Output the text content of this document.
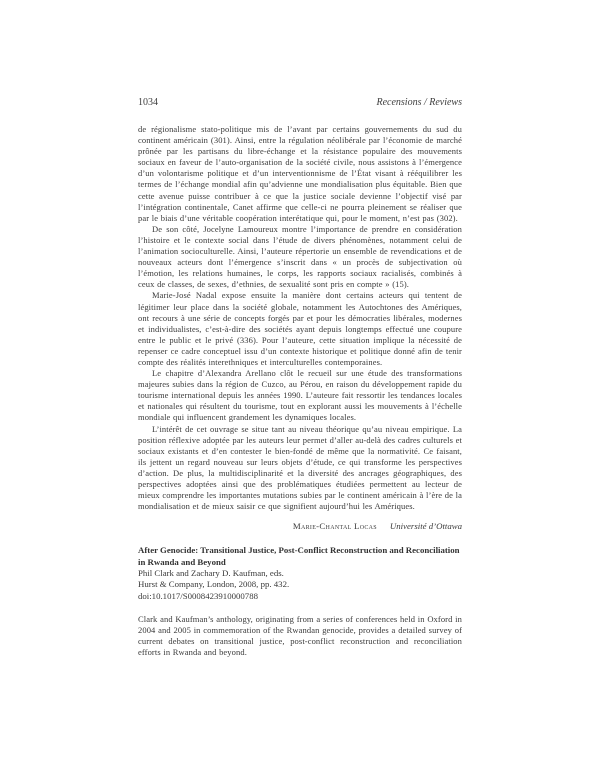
1034	Recensions / Reviews

de régionalisme stato-politique mis de l’avant par certains gouvernements du sud du continent américain (301). Ainsi, entre la régulation néolibérale par l’économie de marché prônée par les partisans du libre-échange et la résistance populaire des mouvements sociaux en faveur de l’auto-organisation de la société civile, nous assistons à l’émergence d’un volontarisme politique et d’un interventionnisme de l’État visant à rééquilibrer les termes de l’échange mondial afin qu’advienne une mondialisation plus équitable. Bien que cette avenue puisse contribuer à ce que la justice sociale devienne l’objectif visé par l’intégration continentale, Canet affirme que celle-ci ne pourra pleinement se réaliser que par le biais d’une véritable coopération interétatique qui, pour le moment, n’est pas (302).

De son côté, Jocelyne Lamoureux montre l’importance de prendre en considération l’histoire et le contexte social dans l’étude de divers phénomènes, notamment celui de l’animation socioculturelle. Ainsi, l’auteure répertorie un ensemble de revendications et de nouveaux acteurs dont l’émergence s’inscrit dans « un procès de subjectivation où l’émotion, les relations humaines, le corps, les rapports sociaux racialisés, combinés à ceux de classes, de sexes, d’ethnies, de sexualité sont pris en compte » (15).

Marie-José Nadal expose ensuite la manière dont certains acteurs qui tentent de légitimer leur place dans la société globale, notamment les Autochtones des Amériques, ont recours à une série de concepts forgés par et pour les démocraties libérales, modernes et individualistes, c’est-à-dire des sociétés ayant depuis longtemps effectué une coupure entre le public et le privé (336). Pour l’auteure, cette situation implique la nécessité de repenser ce cadre conceptuel issu d’un contexte historique et politique donné afin de tenir compte des réalités interethniques et interculturelles contemporaines.

Le chapitre d’Alexandra Arellano clôt le recueil sur une étude des transformations majeures subies dans la région de Cuzco, au Pérou, en raison du développement rapide du tourisme international depuis les années 1990. L’auteure fait ressortir les tendances locales et nationales qui résultent du tourisme, tout en explorant aussi les mouvements à l’échelle mondiale qui influencent grandement les dynamiques locales.

L’intérêt de cet ouvrage se situe tant au niveau théorique qu’au niveau empirique. La position réflexive adoptée par les auteurs leur permet d’aller au-delà des cadres culturels et sociaux existants et d’en contester le bien-fondé de même que la normativité. Ce faisant, ils jettent un regard nouveau sur leurs objets d’étude, ce qui transforme les perspectives d’action. De plus, la multidisciplinarité et la diversité des ancrages géographiques, des perspectives adoptées ainsi que des problématiques étudiées permettent au lecteur de mieux comprendre les importantes mutations subies par le continent américain à l’ère de la mondialisation et de mieux saisir ce que signifient aujourd’hui les Amériques.

Marie-Chantal Locas Université d’Ottawa
After Genocide: Transitional Justice, Post-Conflict Reconstruction and Reconciliation in Rwanda and Beyond
Phil Clark and Zachary D. Kaufman, eds.
Hurst & Company, London, 2008, pp. 432.
doi:10.1017/S0008423910000788

Clark and Kaufman’s anthology, originating from a series of conferences held in Oxford in 2004 and 2005 in commemoration of the Rwandan genocide, provides a detailed survey of current debates on transitional justice, post-conflict reconstruction and reconciliation efforts in Rwanda and beyond.
